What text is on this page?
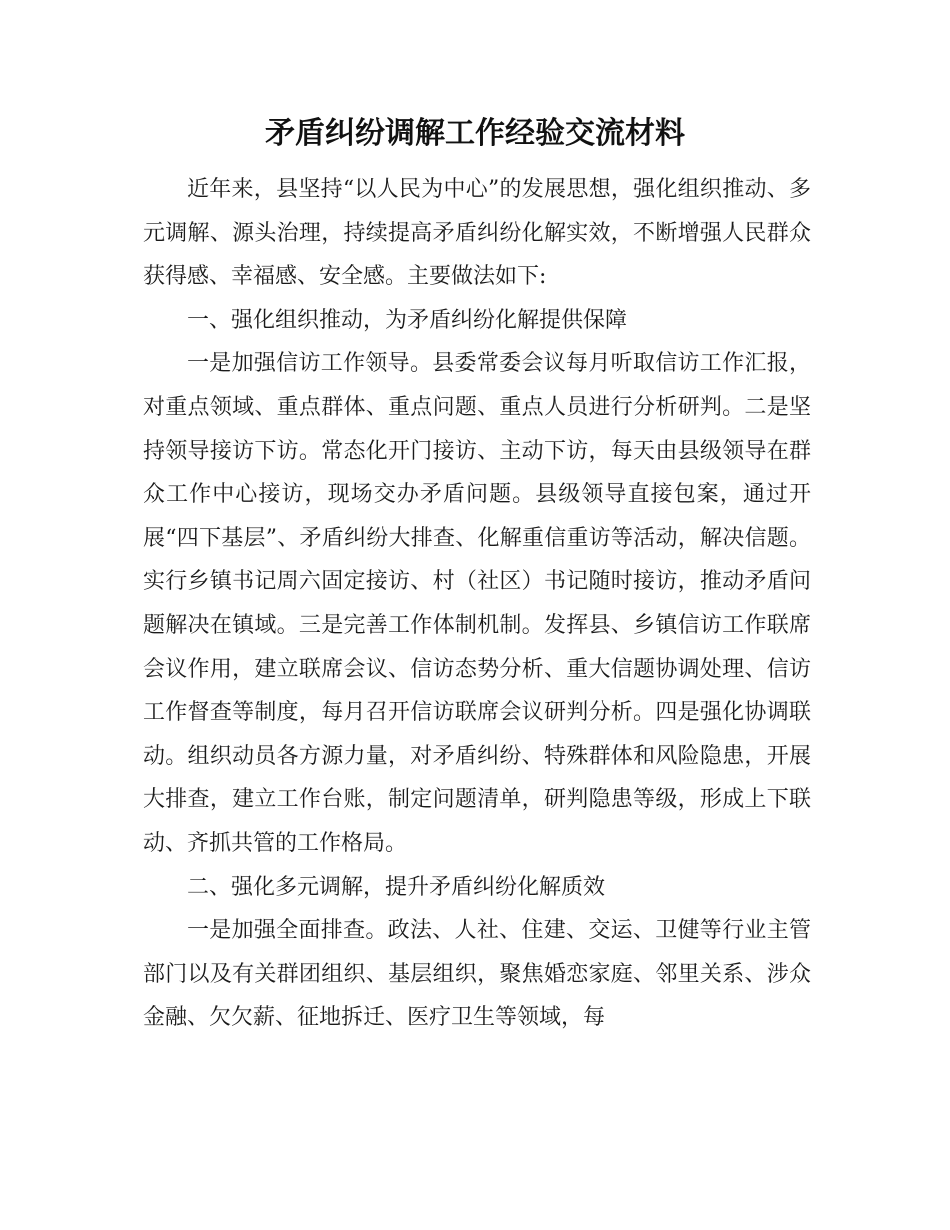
矛盾纠纷调解工作经验交流材料

近年来，县坚持“以人民为中心”的发展思想，强化组织推动、多元调解、源头治理，持续提高矛盾纠纷化解实效，不断增强人民群众获得感、幸福感、安全感。主要做法如下:

一、强化组织推动，为矛盾纠纷化解提供保障

一是加强信访工作领导。县委常委会议每月听取信访工作汇报，对重点领域、重点群体、重点问题、重点人员进行分析研判。二是坚持领导接访下访。常态化开门接访、主动下访，每天由县级领导在群众工作中心接访，现场交办矛盾问题。县级领导直接包案，通过开展“四下基层”、矛盾纠纷大排查、化解重信重访等活动，解决信题。实行乡镇书记周六固定接访、村（社区）书记随时接访，推动矛盾问题解决在镇域。三是完善工作体制机制。发挥县、乡镇信访工作联席会议作用，建立联席会议、信访态势分析、重大信题协调处理、信访工作督查等制度，每月召开信访联席会议研判分析。四是强化协调联动。组织动员各方源力量，对矛盾纠纷、特殊群体和风险隐患，开展大排查，建立工作台账，制定问题清单，研判隐患等级，形成上下联动、齐抓共管的工作格局。

二、强化多元调解，提升矛盾纠纷化解质效

一是加强全面排查。政法、人社、住建、交运、卫健等行业主管部门以及有关群团组织、基层组织，聚焦婚恋家庭、邻里关系、涉众金融、欠欠薪、征地拆迁、医疗卫生等领域，每
